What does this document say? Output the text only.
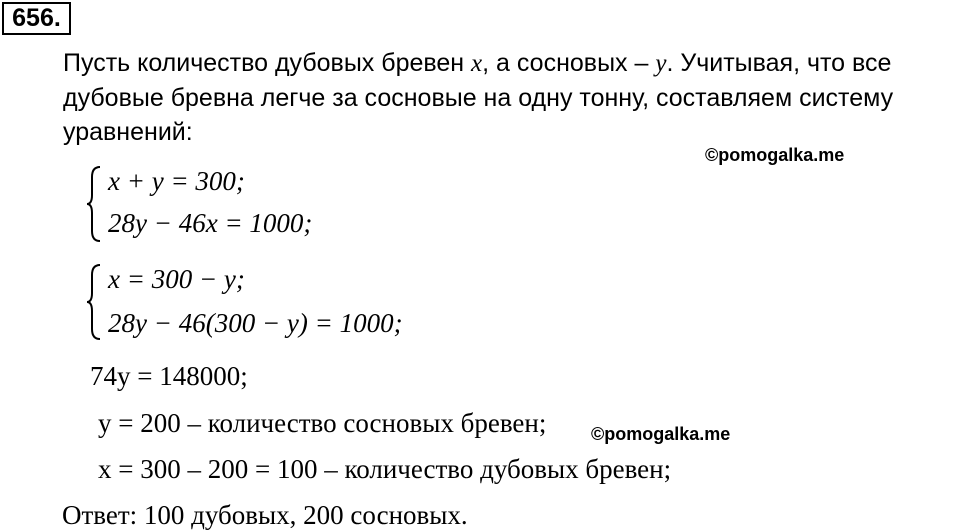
656.
Пусть количество дубовых бревен x, а сосновых – y. Учитывая, что все
дубовые бревна легче за сосновые на одну тонну, составляем систему
уравнений:
©pomogalka.me
x + y = 300;
28y − 46x = 1000;
x = 300 − y;
28y − 46(300 − y) = 1000;
74y = 148000;
y = 200 – количество сосновых бревен; ©pomogalka.me
x = 300 – 200 = 100 – количество дубовых бревен;
Ответ: 100 дубовых, 200 сосновых.
